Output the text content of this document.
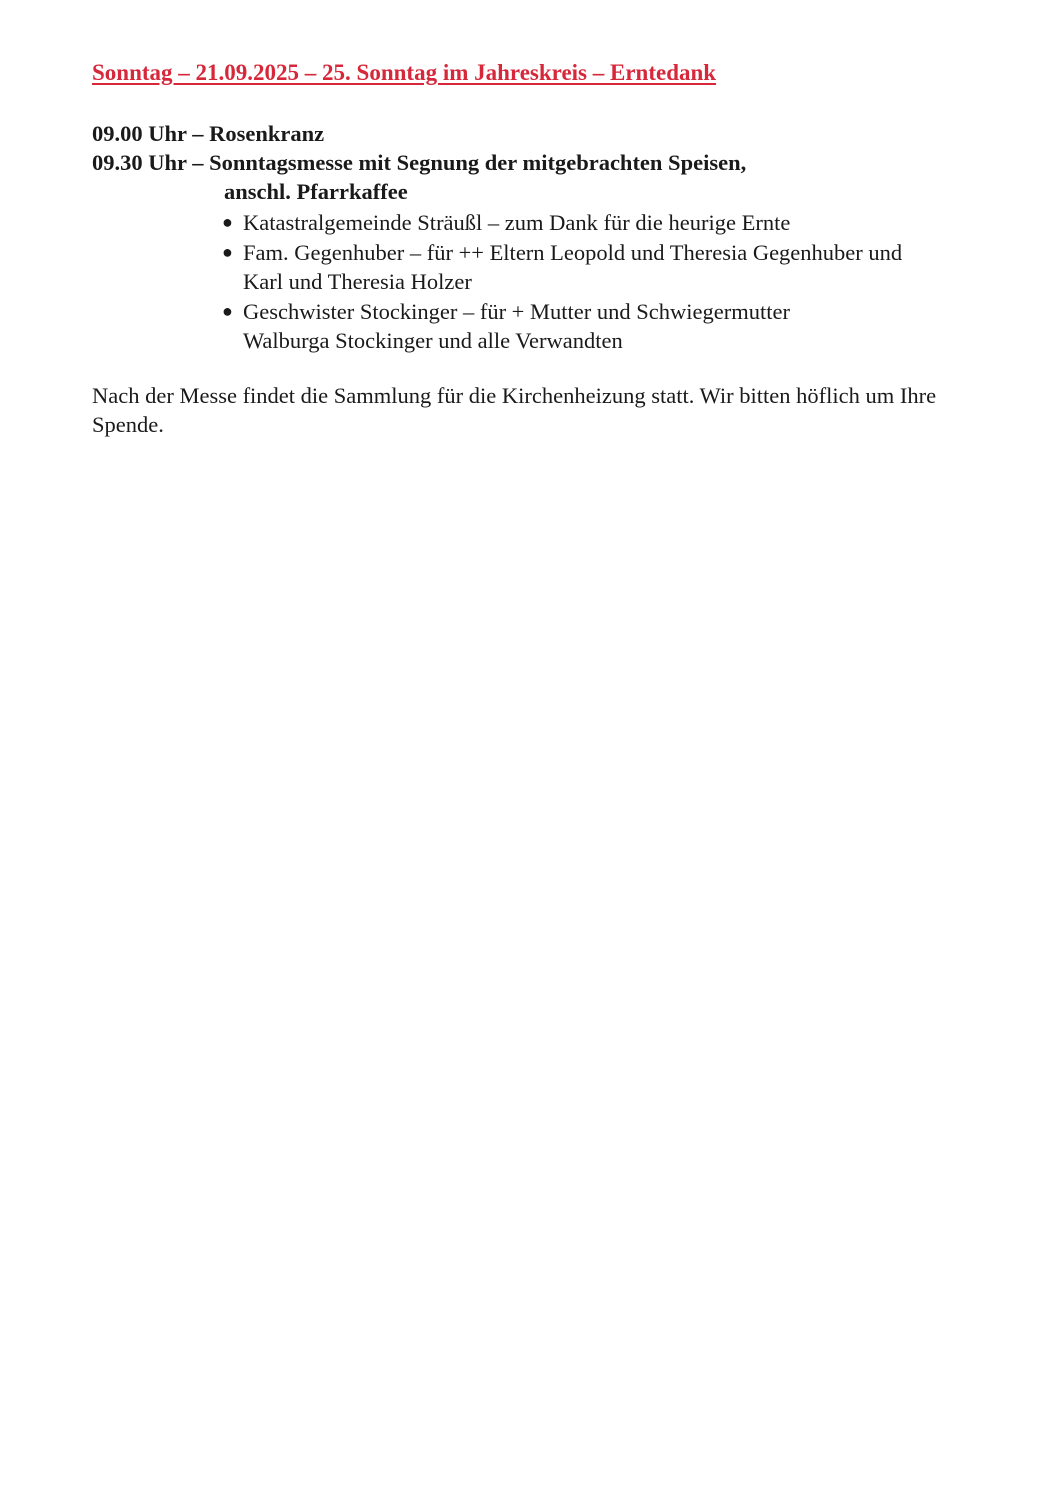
Sonntag – 21.09.2025 – 25. Sonntag im Jahreskreis – Erntedank
09.00 Uhr – Rosenkranz
09.30 Uhr – Sonntagsmesse mit Segnung der mitgebrachten Speisen,
anschl. Pfarrkaffee
● Katastralgemeinde Sträußl – zum Dank für die heurige Ernte
● Fam. Gegenhuber – für ++ Eltern Leopold und Theresia Gegenhuber und Karl und Theresia Holzer
● Geschwister Stockinger – für + Mutter und Schwiegermutter Walburga Stockinger und alle Verwandten
Nach der Messe findet die Sammlung für die Kirchenheizung statt. Wir bitten höflich um Ihre Spende.
